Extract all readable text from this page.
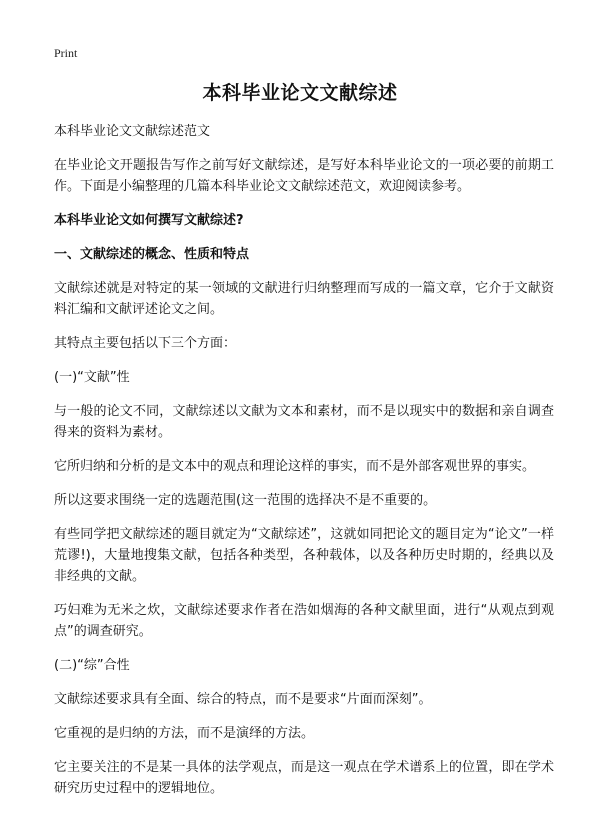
Print
本科毕业论文文献综述

本科毕业论文文献综述范文

在毕业论文开题报告写作之前写好文献综述，是写好本科毕业论文的一项必要的前期工作。下面是小编整理的几篇本科毕业论文文献综述范文，欢迎阅读参考。

本科毕业论文如何撰写文献综述?

一、文献综述的概念、性质和特点

文献综述就是对特定的某一领域的文献进行归纳整理而写成的一篇文章，它介于文献资料汇编和文献评述论文之间。

其特点主要包括以下三个方面：

(一)“文献”性

与一般的论文不同，文献综述以文献为文本和素材，而不是以现实中的数据和亲自调查得来的资料为素材。

它所归纳和分析的是文本中的观点和理论这样的事实，而不是外部客观世界的事实。

所以这要求围绕一定的选题范围(这一范围的选择决不是不重要的。

有些同学把文献综述的题目就定为“文献综述”，这就如同把论文的题目定为“论文”一样荒谬!)，大量地搜集文献，包括各种类型，各种载体，以及各种历史时期的，经典以及非经典的文献。

巧妇难为无米之炊，文献综述要求作者在浩如烟海的各种文献里面，进行“从观点到观点”的调查研究。

(二)“综”合性

文献综述要求具有全面、综合的特点，而不是要求“片面而深刻”。

它重视的是归纳的方法，而不是演绎的方法。

它主要关注的不是某一具体的法学观点，而是这一观点在学术谱系上的位置，即在学术研究历史过程中的逻辑地位。
